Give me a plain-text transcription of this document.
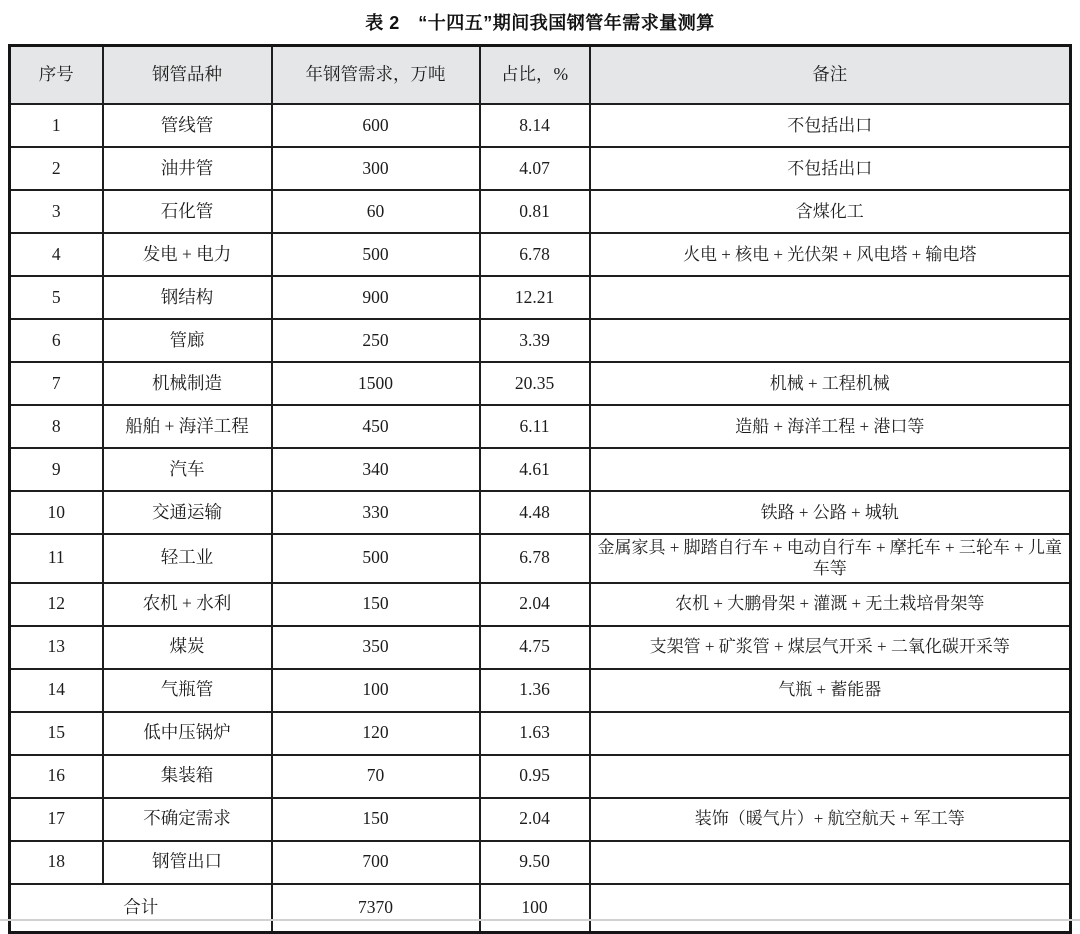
表 2　“十四五”期间我国钢管年需求量测算
序号	钢管品种	年钢管需求，万吨	占比，%	备注
1	管线管	600	8.14	不包括出口
2	油井管	300	4.07	不包括出口
3	石化管	60	0.81	含煤化工
4	发电 + 电力	500	6.78	火电 + 核电 + 光伏架 + 风电塔 + 输电塔
5	钢结构	900	12.21	
6	管廊	250	3.39	
7	机械制造	1500	20.35	机械 + 工程机械
8	船舶 + 海洋工程	450	6.11	造船 + 海洋工程 + 港口等
9	汽车	340	4.61	
10	交通运输	330	4.48	铁路 + 公路 + 城轨
11	轻工业	500	6.78	金属家具 + 脚踏自行车 + 电动自行车 + 摩托车 + 三轮车 + 儿童车等
12	农机 + 水利	150	2.04	农机 + 大鹏骨架 + 灌溉 + 无土栽培骨架等
13	煤炭	350	4.75	支架管 + 矿浆管 + 煤层气开采 + 二氧化碳开采等
14	气瓶管	100	1.36	气瓶 + 蓄能器
15	低中压锅炉	120	1.63	
16	集装箱	70	0.95	
17	不确定需求	150	2.04	装饰（暖气片）+ 航空航天 + 军工等
18	钢管出口	700	9.50	
合计		7370	100	
